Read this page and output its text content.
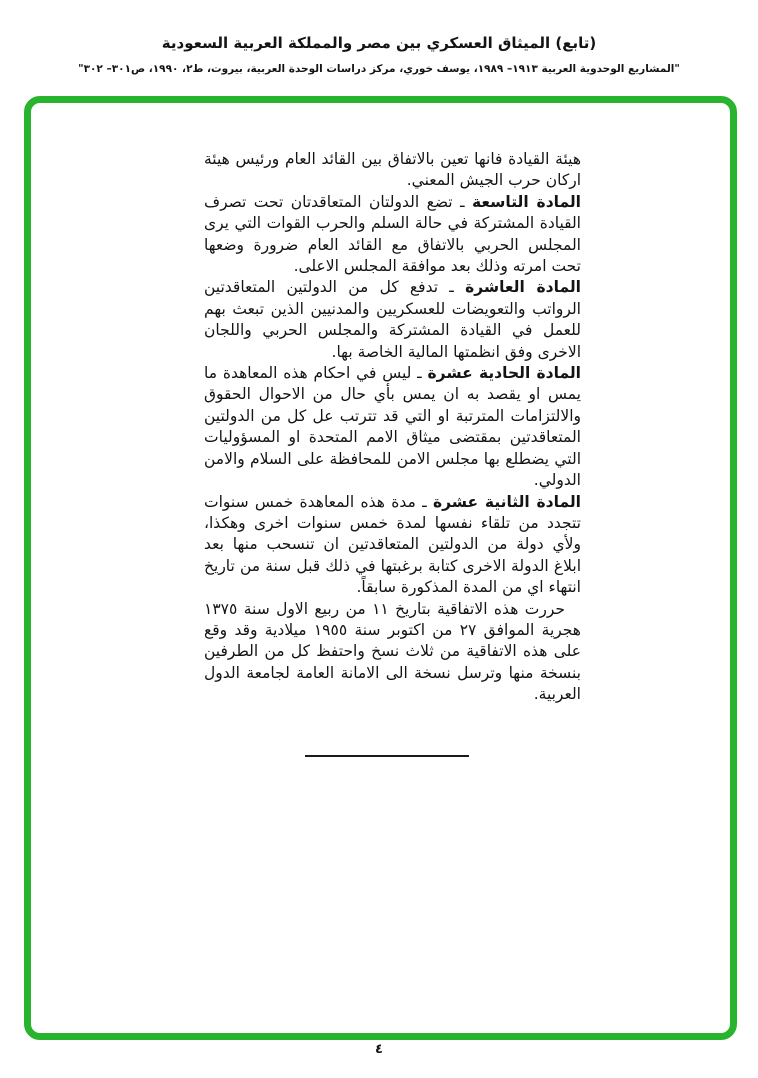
(تابع) الميثاق العسكري بين مصر والمملكة العربية السعودية
"المشاريع الوحدوية العربية ١٩١٣– ١٩٨٩، يوسف خوري، مركز دراسات الوحدة العربية، بيروت، ط٢، ١٩٩٠، ص٣٠١– ٣٠٢"

هيئة القيادة فانها تعين بالاتفاق بين القائد العام ورئيس هيئة اركان حرب الجيش المعني.

المادة التاسعة ـ تضع الدولتان المتعاقدتان تحت تصرف القيادة المشتركة في حالة السلم والحرب القوات التي يرى المجلس الحربي بالاتفاق مع القائد العام ضرورة وضعها تحت امرته وذلك بعد موافقة المجلس الاعلى.

المادة العاشرة ـ تدفع كل من الدولتين المتعاقدتين الرواتب والتعويضات للعسكريين والمدنيين الذين تبعث بهم للعمل في القيادة المشتركة والمجلس الحربي واللجان الاخرى وفق انظمتها المالية الخاصة بها.

المادة الحادية عشرة ـ ليس في احكام هذه المعاهدة ما يمس او يقصد به ان يمس بأي حال من الاحوال الحقوق والالتزامات المترتبة او التي قد تترتب عل كل من الدولتين المتعاقدتين بمقتضى ميثاق الامم المتحدة او المسؤوليات التي يضطلع بها مجلس الامن للمحافظة على السلام والامن الدولي.

المادة الثانية عشرة ـ مدة هذه المعاهدة خمس سنوات تتجدد من تلقاء نفسها لمدة خمس سنوات اخرى وهكذا، ولأي دولة من الدولتين المتعاقدتين ان تنسحب منها بعد ابلاغ الدولة الاخرى كتابة برغبتها في ذلك قبل سنة من تاريخ انتهاء اي من المدة المذكورة سابقاً.

حررت هذه الاتفاقية بتاريخ ١١ من ربيع الاول سنة ١٣٧٥ هجرية الموافق ٢٧ من اكتوبر سنة ١٩٥٥ ميلادية وقد وقع على هذه الاتفاقية من ثلاث نسخ واحتفظ كل من الطرفين بنسخة منها وترسل نسخة الى الامانة العامة لجامعة الدول العربية.

٤
